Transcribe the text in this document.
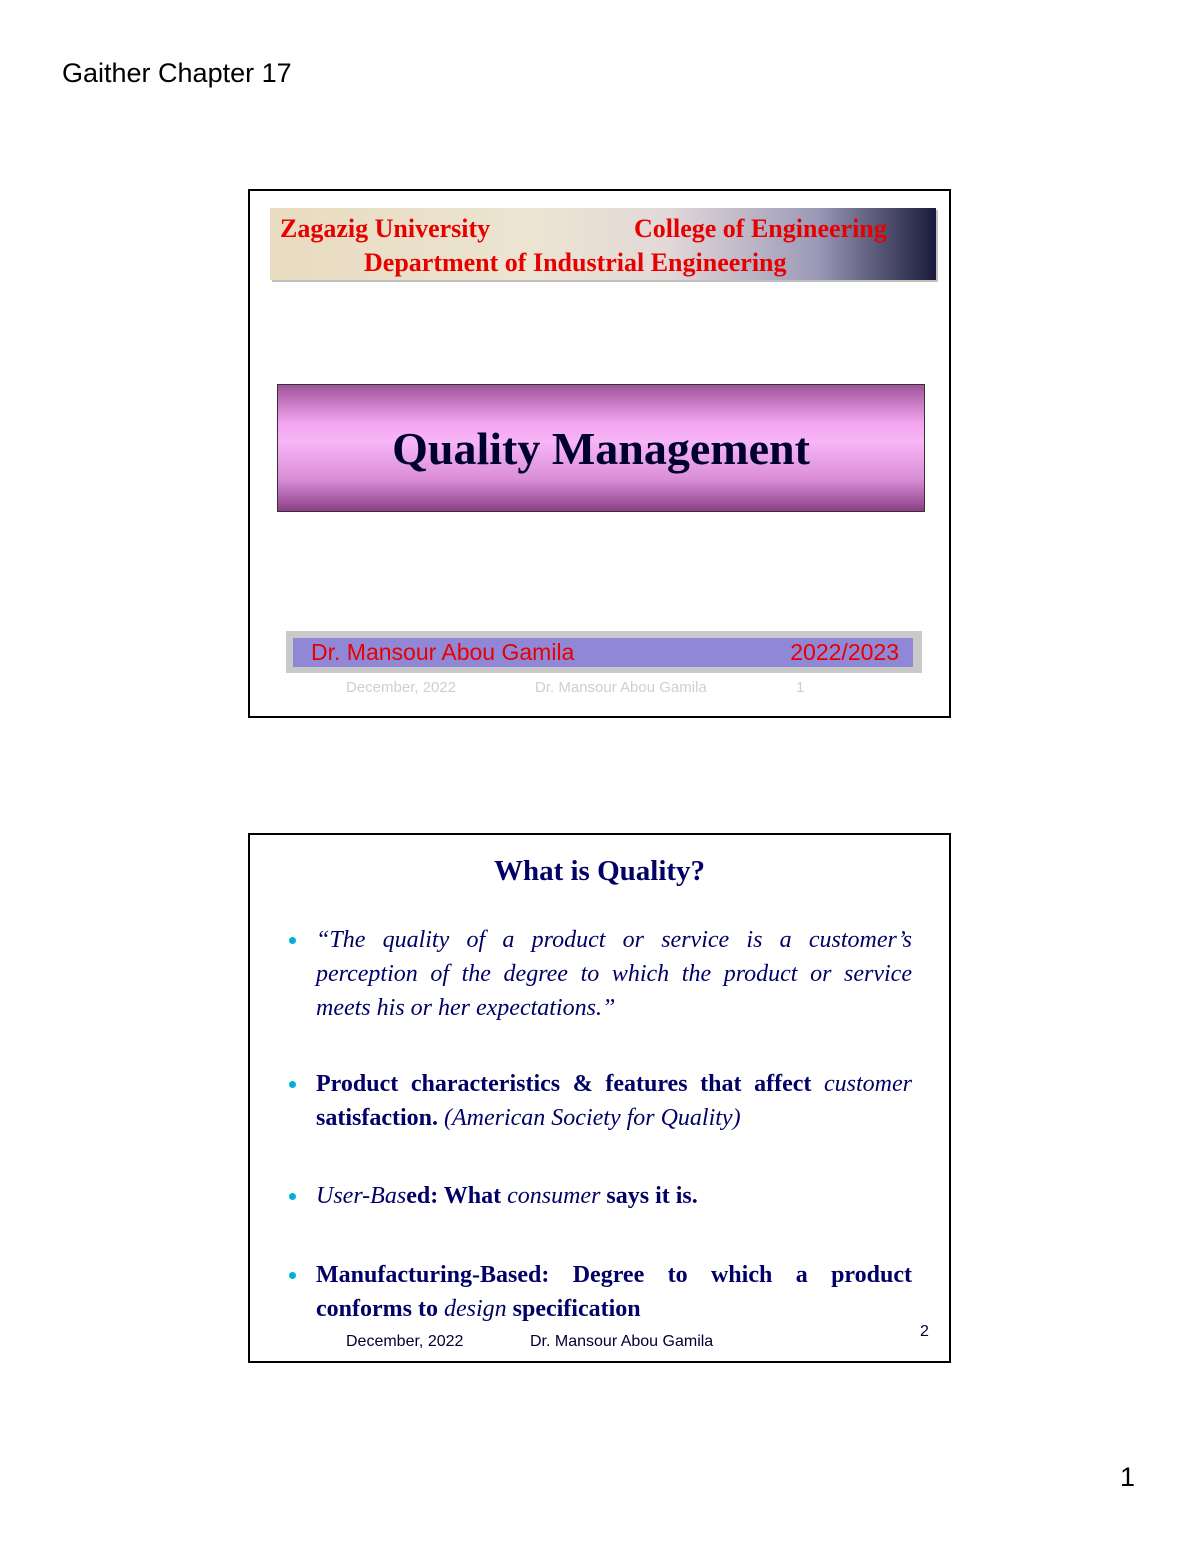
Gaither Chapter 17
Zagazig University	College of Engineering
Department of Industrial Engineering
Quality Management
Dr. Mansour Abou Gamila	2022/2023
December, 2022	Dr. Mansour Abou Gamila	1
What is Quality?
“The quality of a product or service is a customer’s perception of the degree to which the product or service meets his or her expectations.”
Product characteristics & features that affect customer satisfaction. (American Society for Quality)
User-Based: What consumer says it is.
Manufacturing-Based: Degree to which a product conforms to design specification
December, 2022	Dr. Mansour Abou Gamila
2
1
